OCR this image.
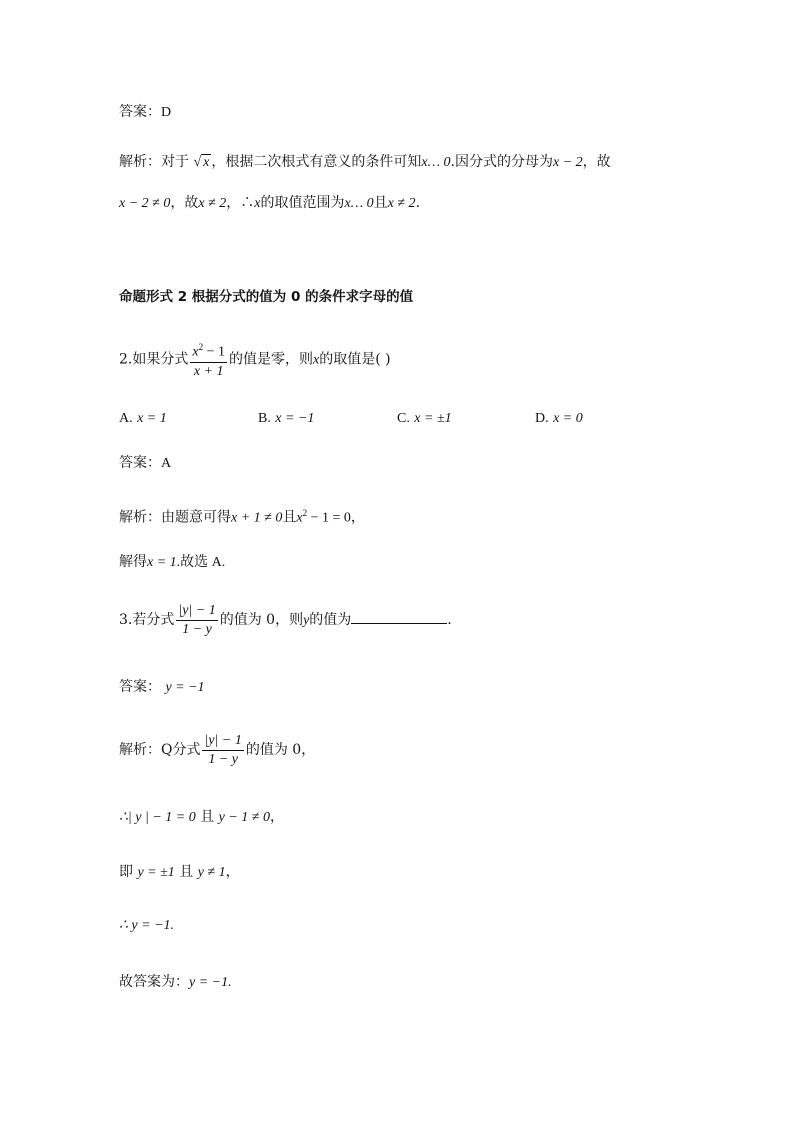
答案：D
解析：对于 √ x ，根据二次根式有意义的条件可知x… 0.因分式的分母为x − 2，故
x − 2 ≠ 0，故x ≠ 2，∴x的取值范围为x… 0且x ≠ 2.
命题形式 2 根据分式的值为 0 的条件求字母的值
2.如果分式 $\frac{x^2 - 1}{x + 1}$ 的值是零，则x的取值是( )
A. x = 1	B. x = −1	C. x = ±1	D. x = 0
答案：A
解析：由题意可得x + 1 ≠ 0且$x^2 - 1 = 0$，
解得x = 1.故选 A.
3.若分式 $\frac{|y| - 1}{1 - y}$ 的值为 0，则y的值为	.
答案： y = −1
解析：Q分式 $\frac{|y| - 1}{1 - y}$ 的值为 0，
∴| y | − 1 = 0 且 y − 1 ≠ 0，
即 y = ±1 且 y ≠ 1，
∴ y = −1.
故答案为：y = −1.
